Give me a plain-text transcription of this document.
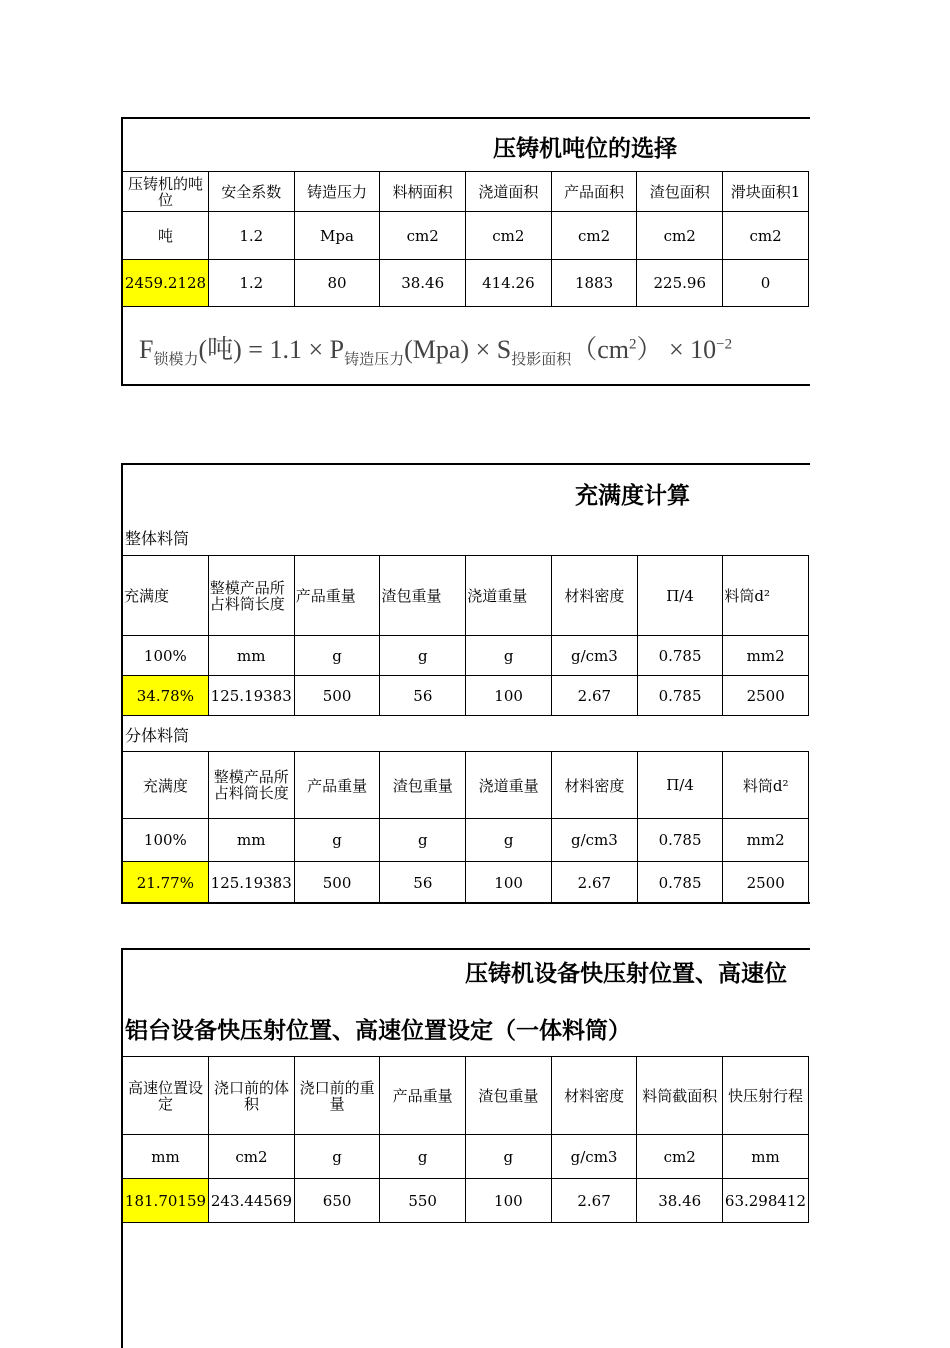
压铸机吨位的选择
压铸机的吨位	安全系数	铸造压力	料柄面积	浇道面积	产品面积	渣包面积	滑块面积1
吨	1.2	Mpa	cm2	cm2	cm2	cm2	cm2
2459.2128	1.2	80	38.46	414.26	1883	225.96	0
$F_{锁模力}$(吨) = $1.1 \times P_{铸造压力}(Mpa) \times S_{投影面积}(cm^2) \times 10^{-2}$
充满度计算
整体料筒
充满度	整模产品所占料筒长度	产品重量	渣包重量	浇道重量	材料密度	Π/4	料筒d²
100%	mm	g	g	g	g/cm3	0.785	mm2
34.78%	125.19383	500	56	100	2.67	0.785	2500
分体料筒
充满度	整模产品所占料筒长度	产品重量	渣包重量	浇道重量	材料密度	Π/4	料筒d²
100%	mm	g	g	g	g/cm3	0.785	mm2
21.77%	125.19383	500	56	100	2.67	0.785	2500
压铸机设备快压射位置、高速位
铝台设备快压射位置、高速位置设定（一体料筒）
高速位置设定	浇口前的体积	浇口前的重量	产品重量	渣包重量	材料密度	料筒截面积	快压射行程
mm	cm2	g	g	g	g/cm3	cm2	mm
181.70159	243.44569	650	550	100	2.67	38.46	63.298412
